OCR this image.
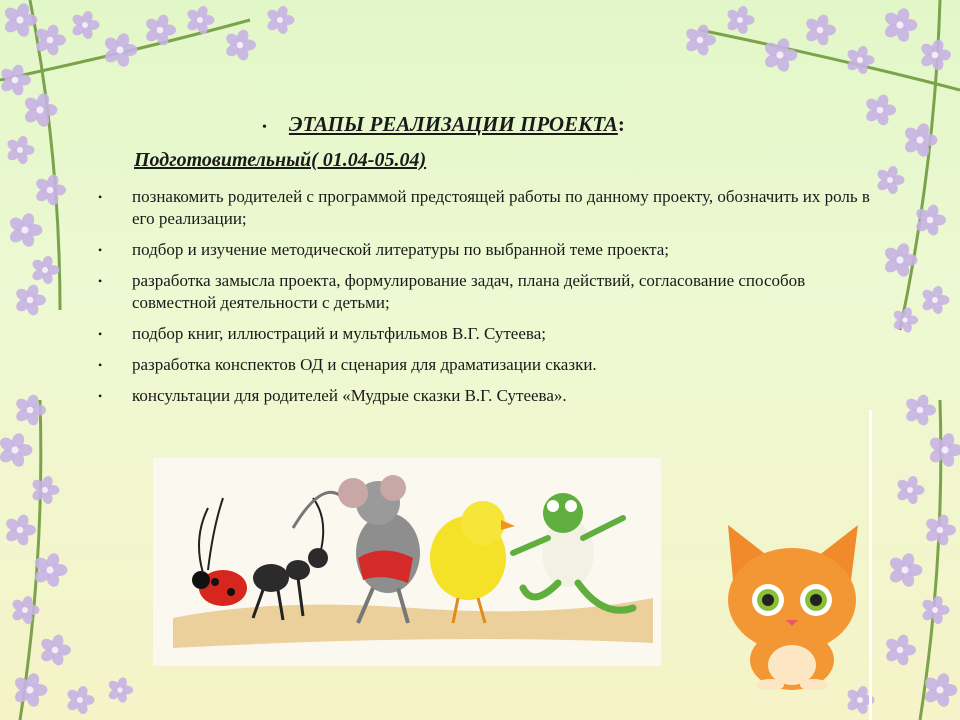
• ЭТАПЫ РЕАЛИЗАЦИИ ПРОЕКТА :
Подготовительный( 01.04-05.04)
• познакомить родителей с программой предстоящей работы по данному проекту, обозначить их роль в его реализации;
• подбор и изучение методической литературы по выбранной теме проекта;
• разработка замысла проекта, формулирование задач, плана действий, согласование способов совместной деятельности с детьми;
• подбор книг, иллюстраций и мультфильмов В.Г. Сутеева;
• разработка конспектов ОД и сценария для драматизации сказки.
• консультации для родителей «Мудрые сказки В.Г. Сутеева».
